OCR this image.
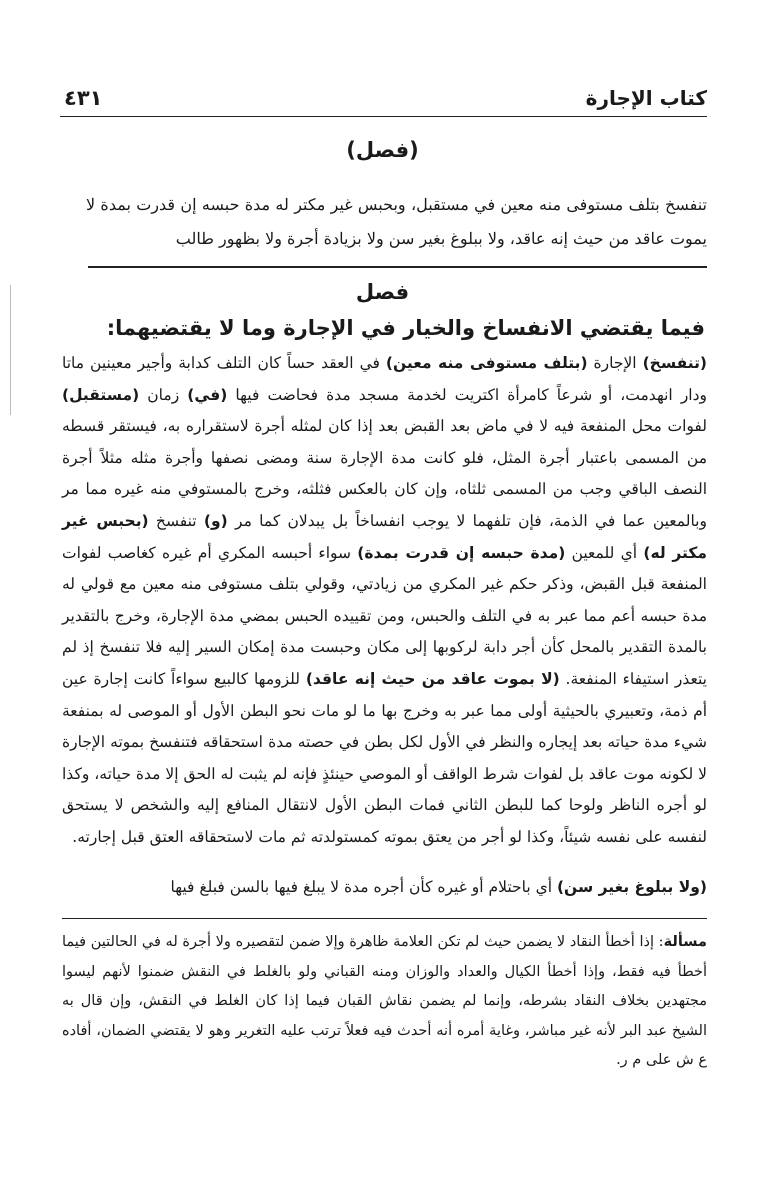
٤٣١	كتاب الإجارة
(فصل)
تنفسخ بتلف مستوفى منه معين في مستقبل، وبحبس غير مكتر له مدة حبسه إن قدرت بمدة لا يموت عاقد من حيث إنه عاقد، ولا ببلوغ بغير سن ولا بزيادة أجرة ولا بظهور طالب
فصل
فيما يقتضي الانفساخ والخيار في الإجارة وما لا يقتضيهما:
(تنفسخ) الإجارة (بتلف مستوفى منه معين) في العقد حساً كان التلف كدابة وأجير معينين ماتا ودار انهدمت، أو شرعاً كامرأة اكتريت لخدمة مسجد مدة فحاضت فيها (في) زمان (مستقبل) لفوات محل المنفعة فيه لا في ماض بعد القبض بعد إذا كان لمثله أجرة لاستقراره به، فيستقر قسطه من المسمى باعتبار أجرة المثل، فلو كانت مدة الإجارة سنة ومضى نصفها وأجرة مثله مثلاً أجرة النصف الباقي وجب من المسمى ثلثاه، وإن كان بالعكس فثلثه، وخرج بالمستوفي منه غيره مما مر وبالمعين عما في الذمة، فإن تلفهما لا يوجب انفساخاً بل يبدلان كما مر (و) تنفسخ (بحبس غير مكتر له) أي للمعين (مدة حبسه إن قدرت بمدة) سواء أحبسه المكري أم غيره كغاصب لفوات المنفعة قبل القبض، وذكر حكم غير المكري من زيادتي، وقولي بتلف مستوفى منه معين مع قولي له مدة حبسه أعم مما عبر به في التلف والحبس، ومن تقييده الحبس بمضي مدة الإجارة، وخرج بالتقدير بالمدة التقدير بالمحل كأن أجر دابة لركوبها إلى مكان وحبست مدة إمكان السير إليه فلا تنفسخ إذ لم يتعذر استيفاء المنفعة. (لا بموت عاقد من حيث إنه عاقد) للزومها كالبيع سواءاً كانت إجارة عين أم ذمة، وتعبيري بالحيثية أولى مما عبر به وخرج بها ما لو مات نحو البطن الأول أو الموصى له بمنفعة شيء مدة حياته بعد إيجاره والنظر في الأول لكل بطن في حصته مدة استحقاقه فتنفسخ بموته الإجارة لا لكونه موت عاقد بل لفوات شرط الواقف أو الموصي حينئذٍ فإنه لم يثبت له الحق إلا مدة حياته، وكذا لو أجره الناظر ولوحا كما للبطن الثاني فمات البطن الأول لانتقال المنافع إليه والشخص لا يستحق لنفسه على نفسه شيئاً، وكذا لو أجر من يعتق بموته كمستولدته ثم مات لاستحقاقه العتق قبل إجارته.
(ولا ببلوغ بغير سن) أي باحتلام أو غيره كأن أجره مدة لا يبلغ فيها بالسن فبلغ فيها
مسألة: إذا أخطأ النقاد لا يضمن حيث لم تكن العلامة ظاهرة وإلا ضمن لتقصيره ولا أجرة له في الحالتين فيما أخطأ فيه فقط، وإذا أخطأ الكيال والعداد والوزان ومنه القباني ولو بالغلط في النقش ضمنوا لأنهم ليسوا مجتهدين بخلاف النقاد بشرطه، وإنما لم يضمن نقاش القبان فيما إذا كان الغلط في النقش، وإن قال به الشيخ عبد البر لأنه غير مباشر، وغاية أمره أنه أحدث فيه فعلاً ترتب عليه التغرير وهو لا يقتضي الضمان، أفاده ع ش على م ر.
